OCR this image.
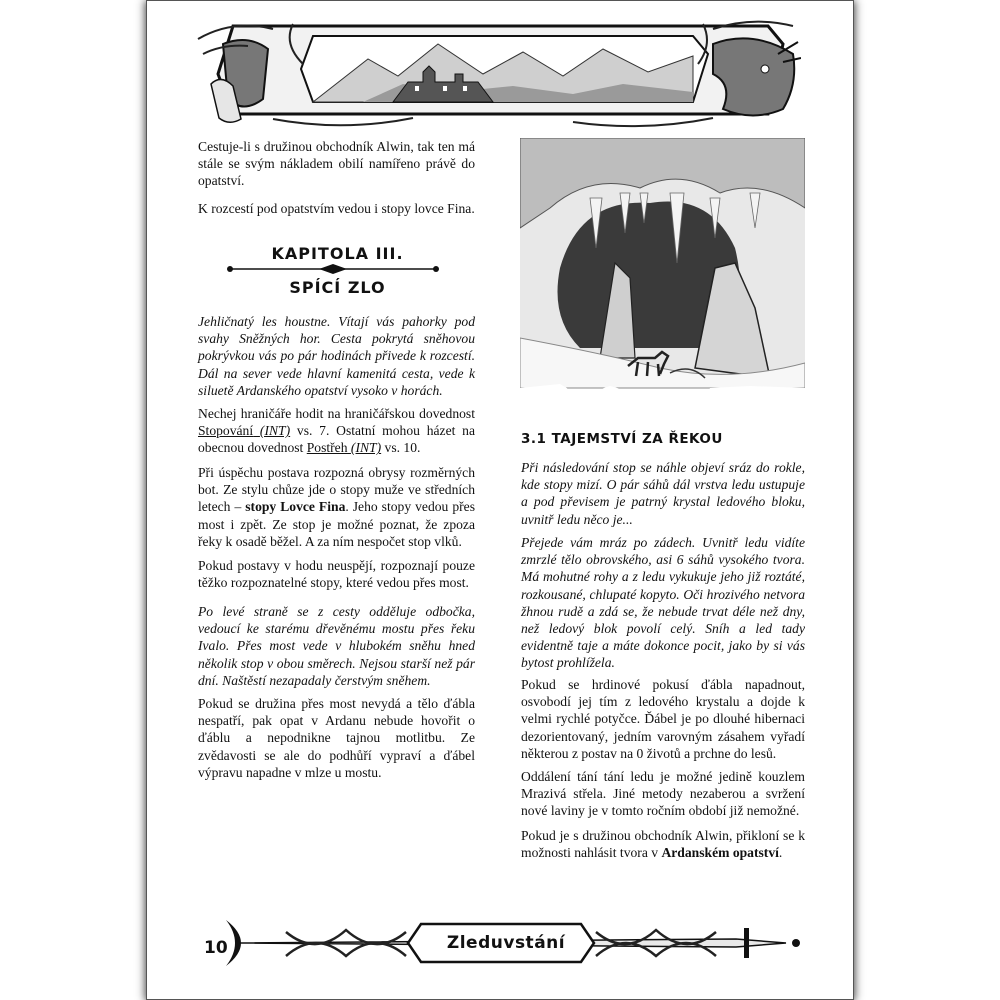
Cestuje-li s družinou obchodník Alwin, tak ten má stále se svým nákladem obilí namířeno právě do opatství.

K rozcestí pod opatstvím vedou i stopy lovce Fina.

KAPITOLA III.
SPÍCÍ ZLO

Jehličnatý les houstne. Vítají vás pahorky pod svahy Sněžných hor. Cesta pokrytá sněhovou pokrývkou vás po pár hodinách přivede k rozcestí. Dál na sever vede hlavní kamenitá cesta, vede k siluetě Ardanského opatství vysoko v horách.

Nechej hraničáře hodit na hraničářskou dovednost Stopování (INT) vs. 7. Ostatní mohou házet na obecnou dovednost Postřeh (INT) vs. 10.

Při úspěchu postava rozpozná obrysy rozměrných bot. Ze stylu chůze jde o stopy muže ve středních letech – stopy Lovce Fina. Jeho stopy vedou přes most i zpět. Ze stop je možné poznat, že zpoza řeky k osadě běžel. A za ním nespočet stop vlků.

Pokud postavy v hodu neuspějí, rozpoznají pouze těžko rozpoznatelné stopy, které vedou přes most.

Po levé straně se z cesty odděluje odbočka, vedoucí ke starému dřevěnému mostu přes řeku Ivalo. Přes most vede v hlubokém sněhu hned několik stop v obou směrech. Nejsou starší než pár dní. Naštěstí nezapadaly čerstvým sněhem.

Pokud se družina přes most nevydá a tělo ďábla nespatří, pak opat v Ardanu nebude hovořit o ďáblu a nepodnikne tajnou motlitbu. Ze zvědavosti se ale do podhůří vypraví a ďábel výpravu napadne v mlze u mostu.

3.1 TAJEMSTVÍ ZA ŘEKOU

Při následování stop se náhle objeví sráz do rokle, kde stopy mizí. O pár sáhů dál vrstva ledu ustupuje a pod převisem je patrný krystal ledového bloku, uvnitř ledu něco je...

Přejede vám mráz po zádech. Uvnitř ledu vidíte zmrzlé tělo obrovského, asi 6 sáhů vysokého tvora. Má mohutné rohy a z ledu vykukuje jeho již roztáté, rozkousané, chlupaté kopyto. Oči hrozivého netvora žhnou rudě a zdá se, že nebude trvat déle než dny, než ledový blok povolí celý. Sníh a led tady evidentně taje a máte dokonce pocit, jako by si vás bytost prohlížela.

Pokud se hrdinové pokusí ďábla napadnout, osvobodí jej tím z ledového krystalu a dojde k velmi rychlé potyčce. Ďábel je po dlouhé hibernaci dezorientovaný, jedním varovným zásahem vyřadí některou z postav na 0 životů a prchne do lesů.

Oddálení tání tání ledu je možné jedině kouzlem Mrazivá střela. Jiné metody nezaberou a svržení nové laviny je v tomto ročním období již nemožné.

Pokud je s družinou obchodník Alwin, přikloní se k možnosti nahlásit tvora v Ardanském opatství.

10	Zleduvstání
